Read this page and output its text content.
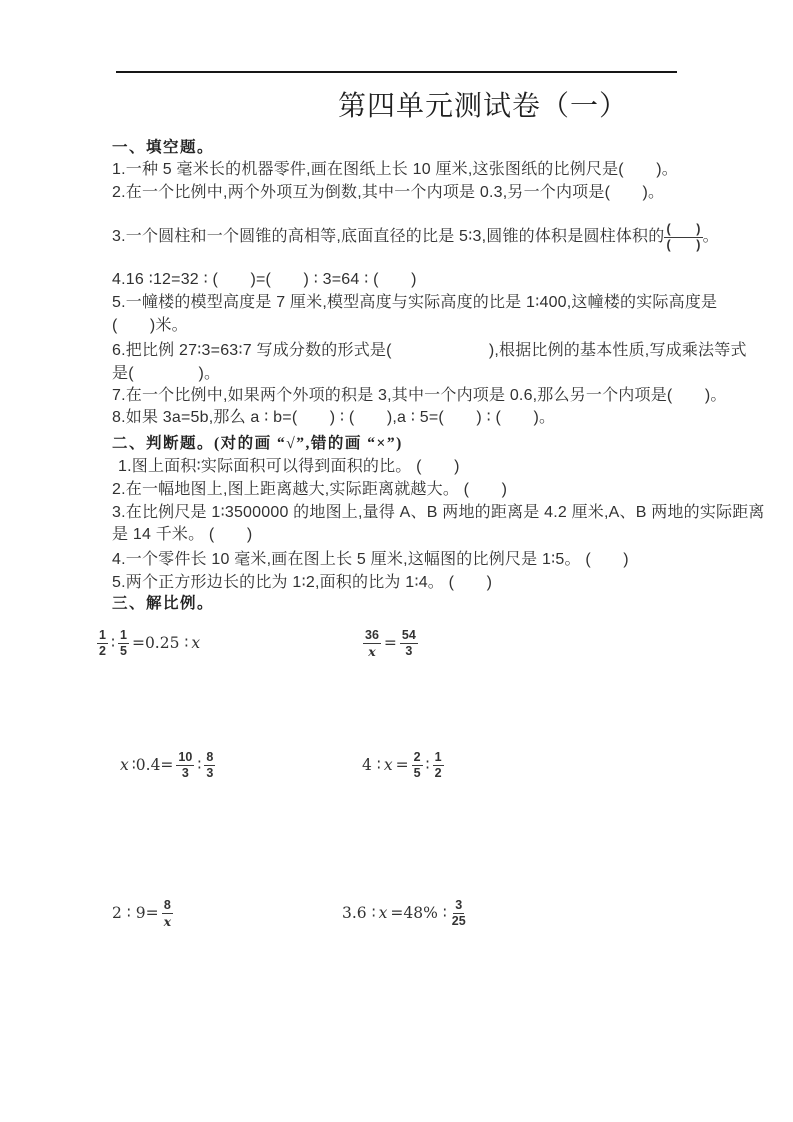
第四单元测试卷（一）
一、填空题。
1.一种 5 毫米长的机器零件,画在图纸上长 10 厘米,这张图纸的比例尺是(　　)。
2.在一个比例中,两个外项互为倒数,其中一个内项是 0.3,另一个内项是(　　)。
3.一个圆柱和一个圆锥的高相等,底面直径的比是 5∶3,圆锥的体积是圆柱体积的 $\frac{( )}{( )}$ 。
4.16 ∶12=32 ∶ (　　)=(　　) ∶ 3=64 ∶ (　　)
5.一幢楼的模型高度是 7 厘米,模型高度与实际高度的比是 1∶400,这幢楼的实际高度是
(　　)米。
6.把比例 27∶3=63∶7 写成分数的形式是(　　　　　　),根据比例的基本性质,写成乘法等式
是(　　　　)。
7.在一个比例中,如果两个外项的积是 3,其中一个内项是 0.6,那么另一个内项是(　　)。
8.如果 3a=5b,那么 a ∶ b=(　　) ∶ (　　),a ∶ 5=(　　) ∶ (　　)。
二、判断题。(对的画 “√”,错的画 “×”)
1.图上面积∶实际面积可以得到面积的比。 (　　)
2.在一幅地图上,图上距离越大,实际距离就越大。 (　　)
3.在比例尺是 1∶3500000 的地图上,量得 A、B 两地的距离是 4.2 厘米,A、B 两地的实际距离
是 14 千米。 (　　)
4.一个零件长 10 毫米,画在图上长 5 厘米,这幅图的比例尺是 1∶5。 (　　)
5.两个正方形边长的比为 1∶2,面积的比为 1∶4。 (　　)
三、解比例。
$\frac{1}{2}$ ∶ $\frac{1}{5} =0.25$ ∶ x	$\frac{36}{x} = \frac{54}{3}$
x ∶0.4= $\frac{10}{3}$ ∶ $\frac{8}{3}$	4 ∶ $x = \frac{2}{5}$ ∶ $\frac{1}{2}$
2 ∶ $9= \frac{8}{x}$	3.6 ∶ x =48% ∶ $\frac{3}{25}$
